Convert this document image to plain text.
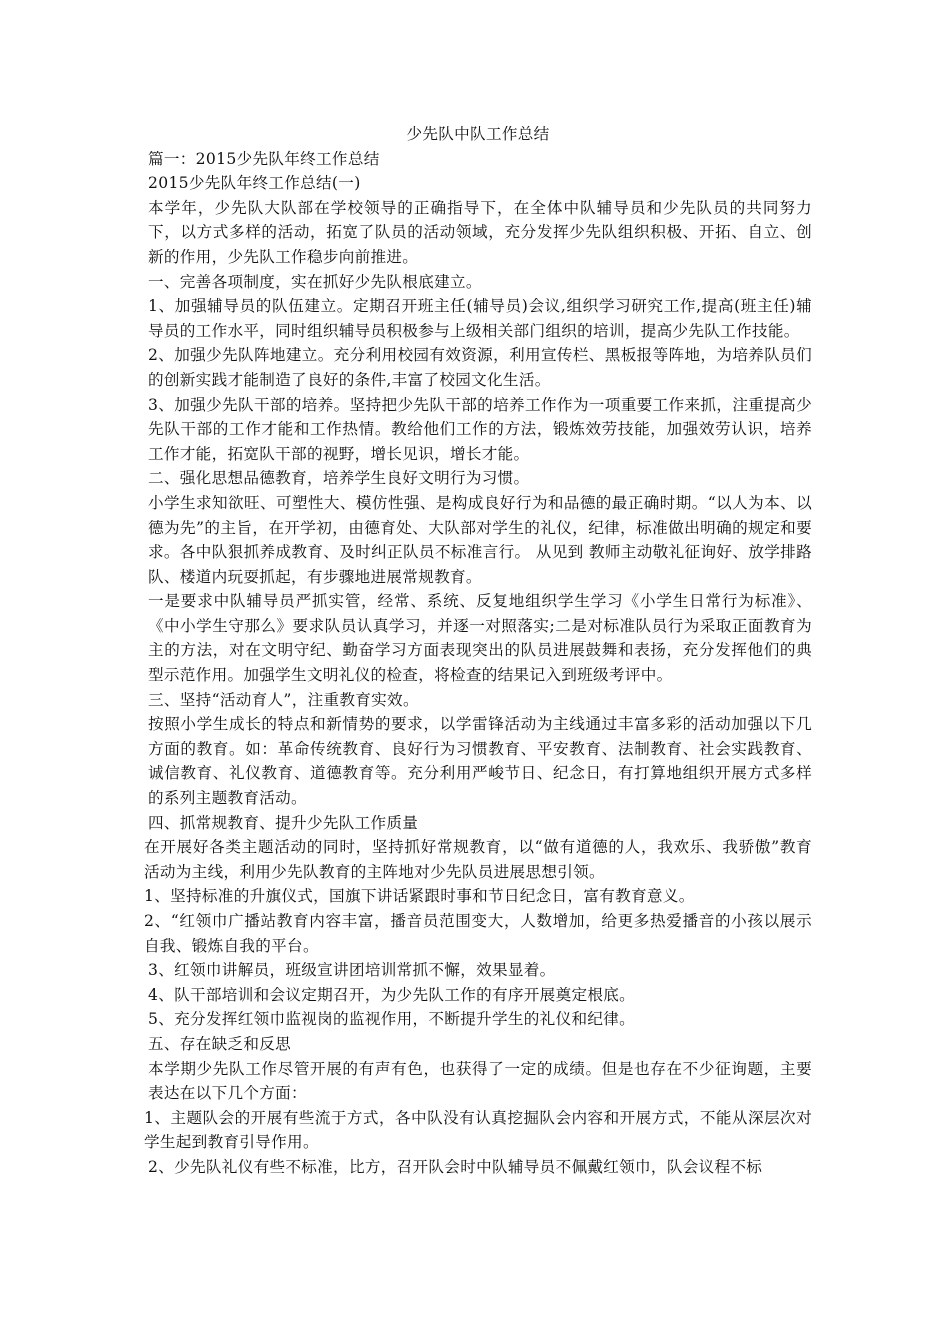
少先队中队工作总结

篇一：2015少先队年终工作总结

2015少先队年终工作总结(一)

本学年，少先队大队部在学校领导的正确指导下，在全体中队辅导员和少先队员的共同努力下，以方式多样的活动，拓宽了队员的活动领域，充分发挥少先队组织积极、开拓、自立、创新的作用，少先队工作稳步向前推进。

一、完善各项制度，实在抓好少先队根底建立。

1、加强辅导员的队伍建立。定期召开班主任(辅导员)会议,组织学习研究工作,提高(班主任)辅导员的工作水平，同时组织辅导员积极参与上级相关部门组织的培训，提高少先队工作技能。

2、加强少先队阵地建立。充分利用校园有效资源，利用宣传栏、黑板报等阵地，为培养队员们的创新实践才能制造了良好的条件,丰富了校园文化生活。

3、加强少先队干部的培养。坚持把少先队干部的培养工作作为一项重要工作来抓，注重提高少先队干部的工作才能和工作热情。教给他们工作的方法，锻炼效劳技能，加强效劳认识，培养工作才能，拓宽队干部的视野，增长见识，增长才能。

二、强化思想品德教育，培养学生良好文明行为习惯。

小学生求知欲旺、可塑性大、模仿性强、是构成良好行为和品德的最正确时期。“以人为本、以德为先”的主旨，在开学初，由德育处、大队部对学生的礼仪，纪律，标准做出明确的规定和要求。各中队狠抓养成教育、及时纠正队员不标准言行。 从见到 教师主动敬礼征询好、放学排路队、楼道内玩耍抓起，有步骤地进展常规教育。

一是要求中队辅导员严抓实管，经常、系统、反复地组织学生学习《小学生日常行为标准》、《中小学生守那么》要求队员认真学习，并逐一对照落实;二是对标准队员行为采取正面教育为主的方法，对在文明守纪、勤奋学习方面表现突出的队员进展鼓舞和表扬，充分发挥他们的典型示范作用。加强学生文明礼仪的检查，将检查的结果记入到班级考评中。

三、坚持“活动育人”，注重教育实效。

按照小学生成长的特点和新情势的要求，以学雷锋活动为主线通过丰富多彩的活动加强以下几方面的教育。如：革命传统教育、良好行为习惯教育、平安教育、法制教育、社会实践教育、诚信教育、礼仪教育、道德教育等。充分利用严峻节日、纪念日，有打算地组织开展方式多样的系列主题教育活动。

四、抓常规教育、提升少先队工作质量

在开展好各类主题活动的同时，坚持抓好常规教育，以“做有道德的人，我欢乐、我骄傲”教育活动为主线，利用少先队教育的主阵地对少先队员进展思想引领。

1、坚持标准的升旗仪式，国旗下讲话紧跟时事和节日纪念日，富有教育意义。

2、“红领巾广播站教育内容丰富，播音员范围变大，人数增加，给更多热爱播音的小孩以展示自我、锻炼自我的平台。

3、红领巾讲解员，班级宣讲团培训常抓不懈，效果显着。

4、队干部培训和会议定期召开，为少先队工作的有序开展奠定根底。

5、充分发挥红领巾监视岗的监视作用，不断提升学生的礼仪和纪律。

五、存在缺乏和反思

本学期少先队工作尽管开展的有声有色，也获得了一定的成绩。但是也存在不少征询题，主要表达在以下几个方面：

1、主题队会的开展有些流于方式，各中队没有认真挖掘队会内容和开展方式，不能从深层次对学生起到教育引导作用。

2、少先队礼仪有些不标准，比方，召开队会时中队辅导员不佩戴红领巾，队会议程不标
